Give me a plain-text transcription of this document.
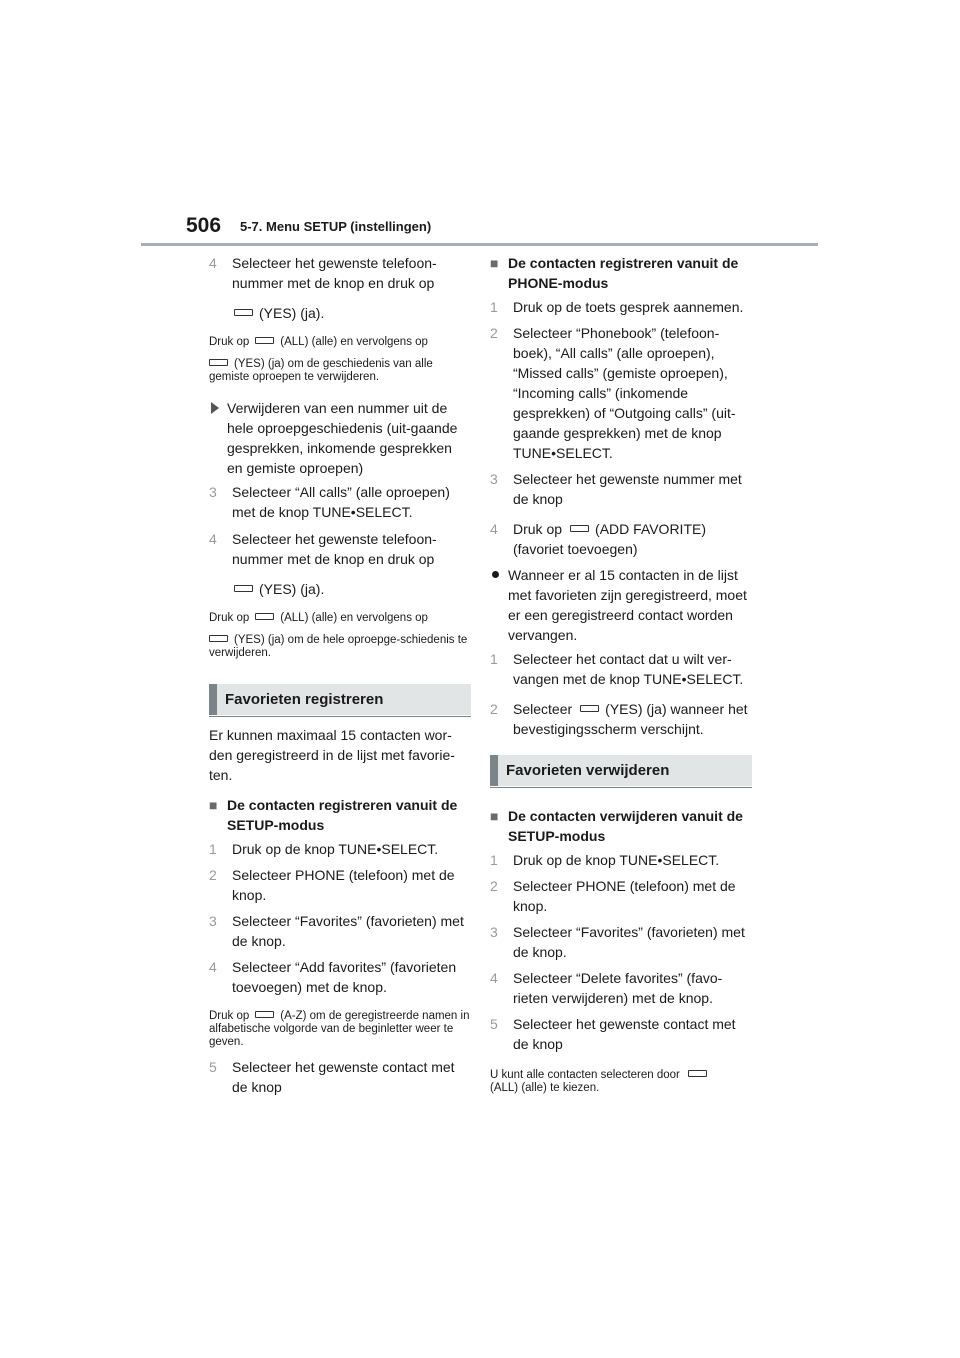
506 5-7. Menu SETUP (instellingen)
4 Selecteer het gewenste telefoon-nummer met de knop en druk op
(YES) (ja).
Druk op	(ALL) (alle) en vervolgens op
(YES) (ja) om de geschiedenis van alle gemiste oproepen te verwijderen.
Verwijderen van een nummer uit de hele oproepgeschiedenis (uit-gaande gesprekken, inkomende gesprekken en gemiste oproepen)
3 Selecteer “All calls” (alle oproepen) met de knop TUNE•SELECT.
4 Selecteer het gewenste telefoon-nummer met de knop en druk op
(YES) (ja).
Druk op	(ALL) (alle) en vervolgens op
(YES) (ja) om de hele oproepge-schiedenis te verwijderen.
Favorieten registreren

Er kunnen maximaal 15 contacten wor-den geregistreerd in de lijst met favorie-ten.

■ De contacten registreren vanuit de SETUP-modus
1 Druk op de knop TUNE•SELECT.
2 Selecteer PHONE (telefoon) met de knop.
3 Selecteer “Favorites” (favorieten) met de knop.
4 Selecteer “Add favorites” (favorieten toevoegen) met de knop.
Druk op	(A-Z) om de geregistreerde namen in alfabetische volgorde van de beginletter weer te geven.
5 Selecteer het gewenste contact met de knop
■ De contacten registreren vanuit de PHONE-modus
1 Druk op de toets gesprek aannemen.
2 Selecteer “Phonebook” (telefoon-boek), “All calls” (alle oproepen), “Missed calls” (gemiste oproepen), “Incoming calls” (inkomende gesprekken) of “Outgoing calls” (uit-gaande gesprekken) met de knop TUNE•SELECT.
3 Selecteer het gewenste nummer met de knop
4 Druk op (ADD FAVORITE) (favoriet toevoegen)
Wanneer er al 15 contacten in de lijst met favorieten zijn geregistreerd, moet er een geregistreerd contact worden vervangen.
1 Selecteer het contact dat u wilt ver-vangen met de knop TUNE•SELECT.
2 Selecteer (YES) (ja) wanneer het bevestigingsscherm verschijnt.
Favorieten verwijderen
■ De contacten verwijderen vanuit de SETUP-modus
1 Druk op de knop TUNE•SELECT.
2 Selecteer PHONE (telefoon) met de knop.
3 Selecteer “Favorites” (favorieten) met de knop.
4 Selecteer “Delete favorites” (favo-rieten verwijderen) met de knop.
5 Selecteer het gewenste contact met de knop
U kunt alle contacten selecteren door
(ALL) (alle) te kiezen.
